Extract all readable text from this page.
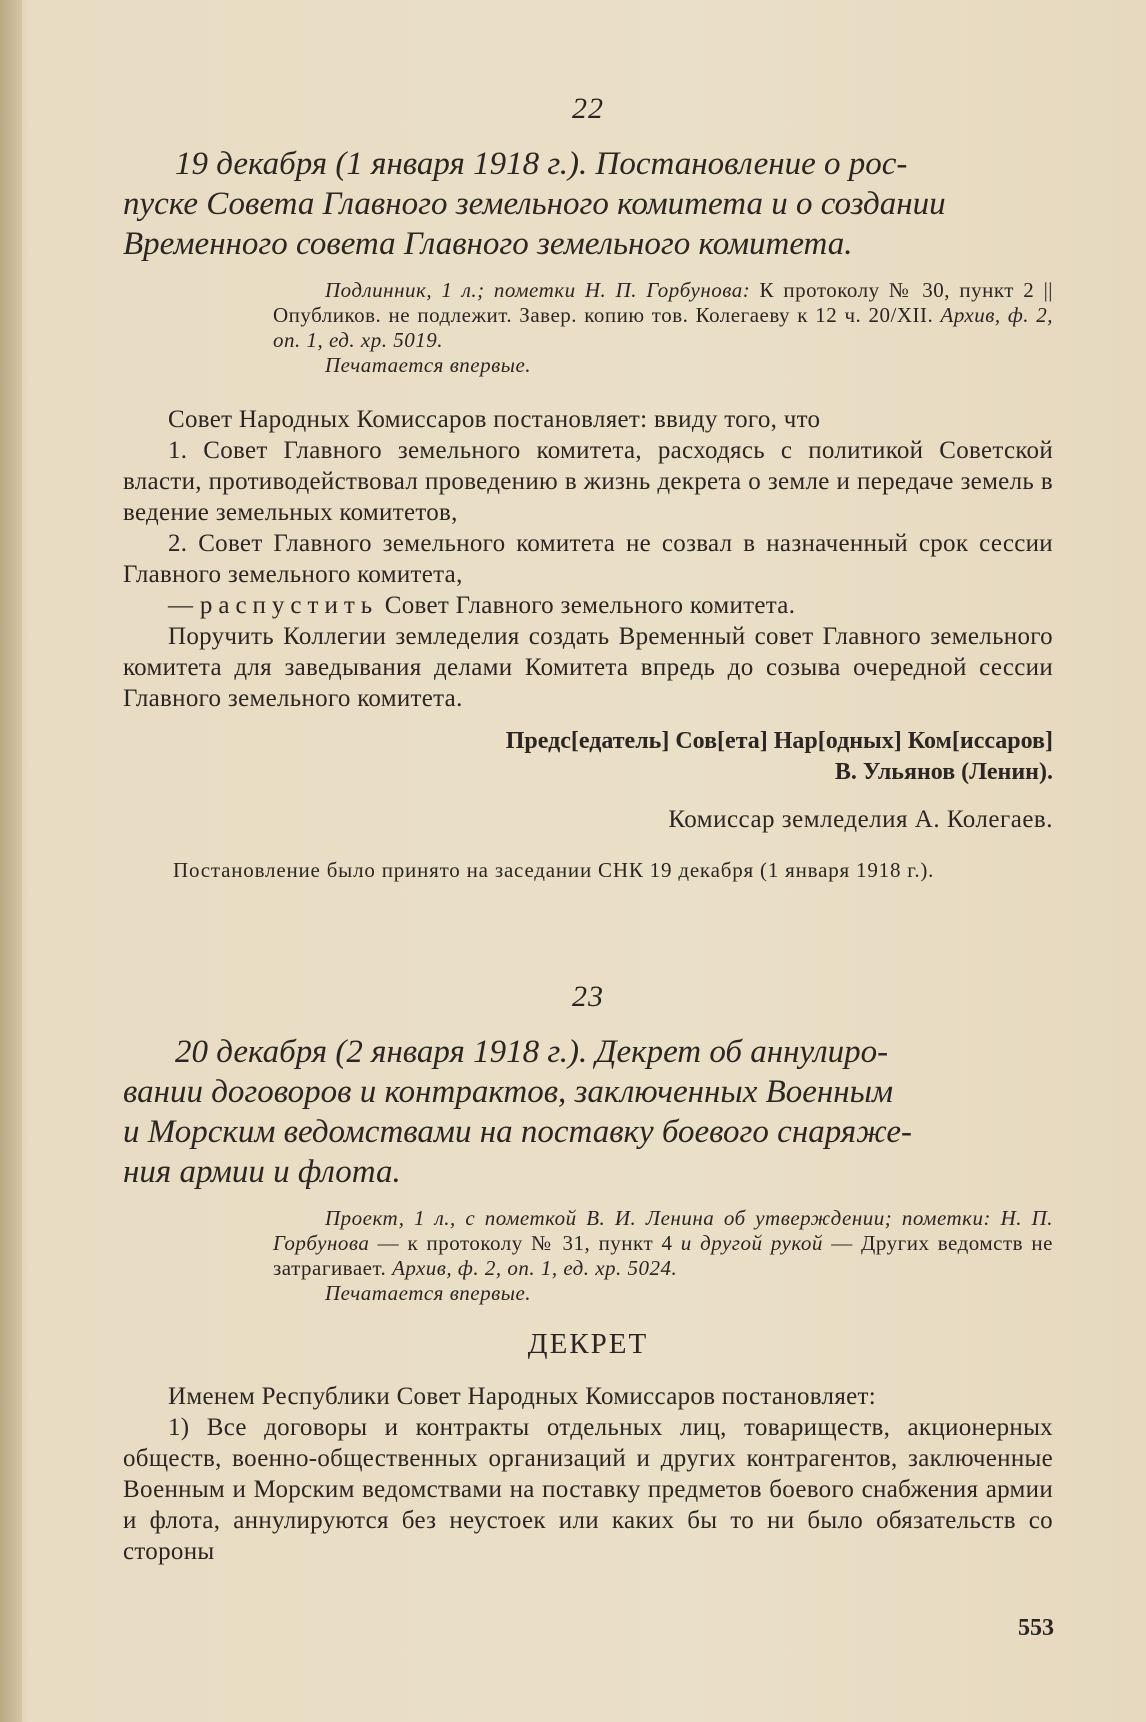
22
19 декабря (1 января 1918 г.). Постановление о рос-
пуске Совета Главного земельного комитета и о создании
Временного совета Главного земельного комитета.
Подлинник, 1 л.; пометки Н. П. Горбунова: К протоколу № 30, пункт 2 || Опубликов. не подлежит. Завер. копию тов. Колегаеву к 12 ч. 20/XII. Архив, ф. 2, оп. 1, ед. хр. 5019.
Печатается впервые.

Совет Народных Комиссаров постановляет: ввиду того, что

1. Совет Главного земельного комитета, расходясь с политикой Советской власти, противодействовал проведению в жизнь декрета о земле и передаче земель в ведение земельных комитетов,

2. Совет Главного земельного комитета не созвал в назначенный срок сессии Главного земельного комитета,

— распустить Совет Главного земельного комитета.

Поручить Коллегии земледелия создать Временный совет Главного земельного комитета для заведывания делами Комитета впредь до созыва очередной сессии Главного земельного комитета.

Предс[едатель] Сов[ета] Нар[одных] Ком[иссаров]
В. Ульянов (Ленин).
Комиссар земледелия А. Колегаев.

Постановление было принято на заседании СНК 19 декабря (1 января 1918 г.).

23
20 декабря (2 января 1918 г.). Декрет об аннулиро-
вании договоров и контрактов, заключенных Военным
и Морским ведомствами на поставку боевого снаряже-
ния армии и флота.
Проект, 1 л., с пометкой В. И. Ленина об утверждении; пометки: Н. П. Горбунова — к протоколу № 31, пункт 4 и другой рукой — Других ведомств не затрагивает. Архив, ф. 2, оп. 1, ед. хр. 5024.
Печатается впервые.
ДЕКРЕТ

Именем Республики Совет Народных Комиссаров постановляет:

1) Все договоры и контракты отдельных лиц, товариществ, акционерных обществ, военно-общественных организаций и других контрагентов, заключенные Военным и Морским ведомствами на поставку предметов боевого снабжения армии и флота, аннулируются без неустоек или каких бы то ни было обязательств со стороны

553
